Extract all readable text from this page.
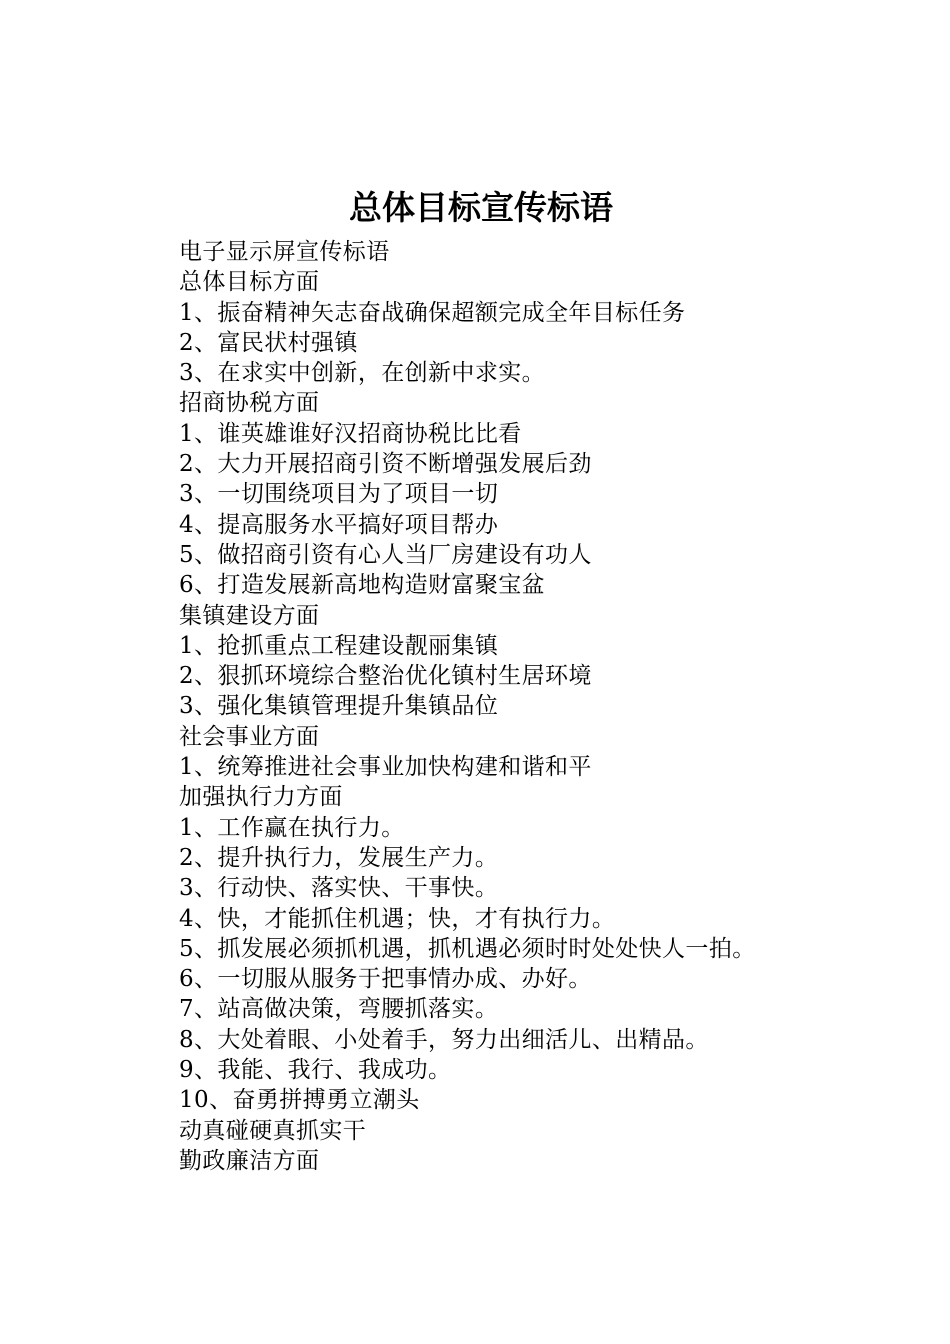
总体目标宣传标语
电子显示屏宣传标语
总体目标方面
1、振奋精神矢志奋战确保超额完成全年目标任务
2、富民状村强镇
3、在求实中创新，在创新中求实。
招商协税方面
1、谁英雄谁好汉招商协税比比看
2、大力开展招商引资不断增强发展后劲
3、一切围绕项目为了项目一切
4、提高服务水平搞好项目帮办
5、做招商引资有心人当厂房建设有功人
6、打造发展新高地构造财富聚宝盆
集镇建设方面
1、抢抓重点工程建设靓丽集镇
2、狠抓环境综合整治优化镇村生居环境
3、强化集镇管理提升集镇品位
社会事业方面
1、统筹推进社会事业加快构建和谐和平
加强执行力方面
1、工作赢在执行力。
2、提升执行力，发展生产力。
3、行动快、落实快、干事快。
4、快，才能抓住机遇；快，才有执行力。
5、抓发展必须抓机遇，抓机遇必须时时处处快人一拍。
6、一切服从服务于把事情办成、办好。
7、站高做决策，弯腰抓落实。
8、大处着眼、小处着手，努力出细活儿、出精品。
9、我能、我行、我成功。
10、奋勇拼搏勇立潮头
动真碰硬真抓实干
勤政廉洁方面
